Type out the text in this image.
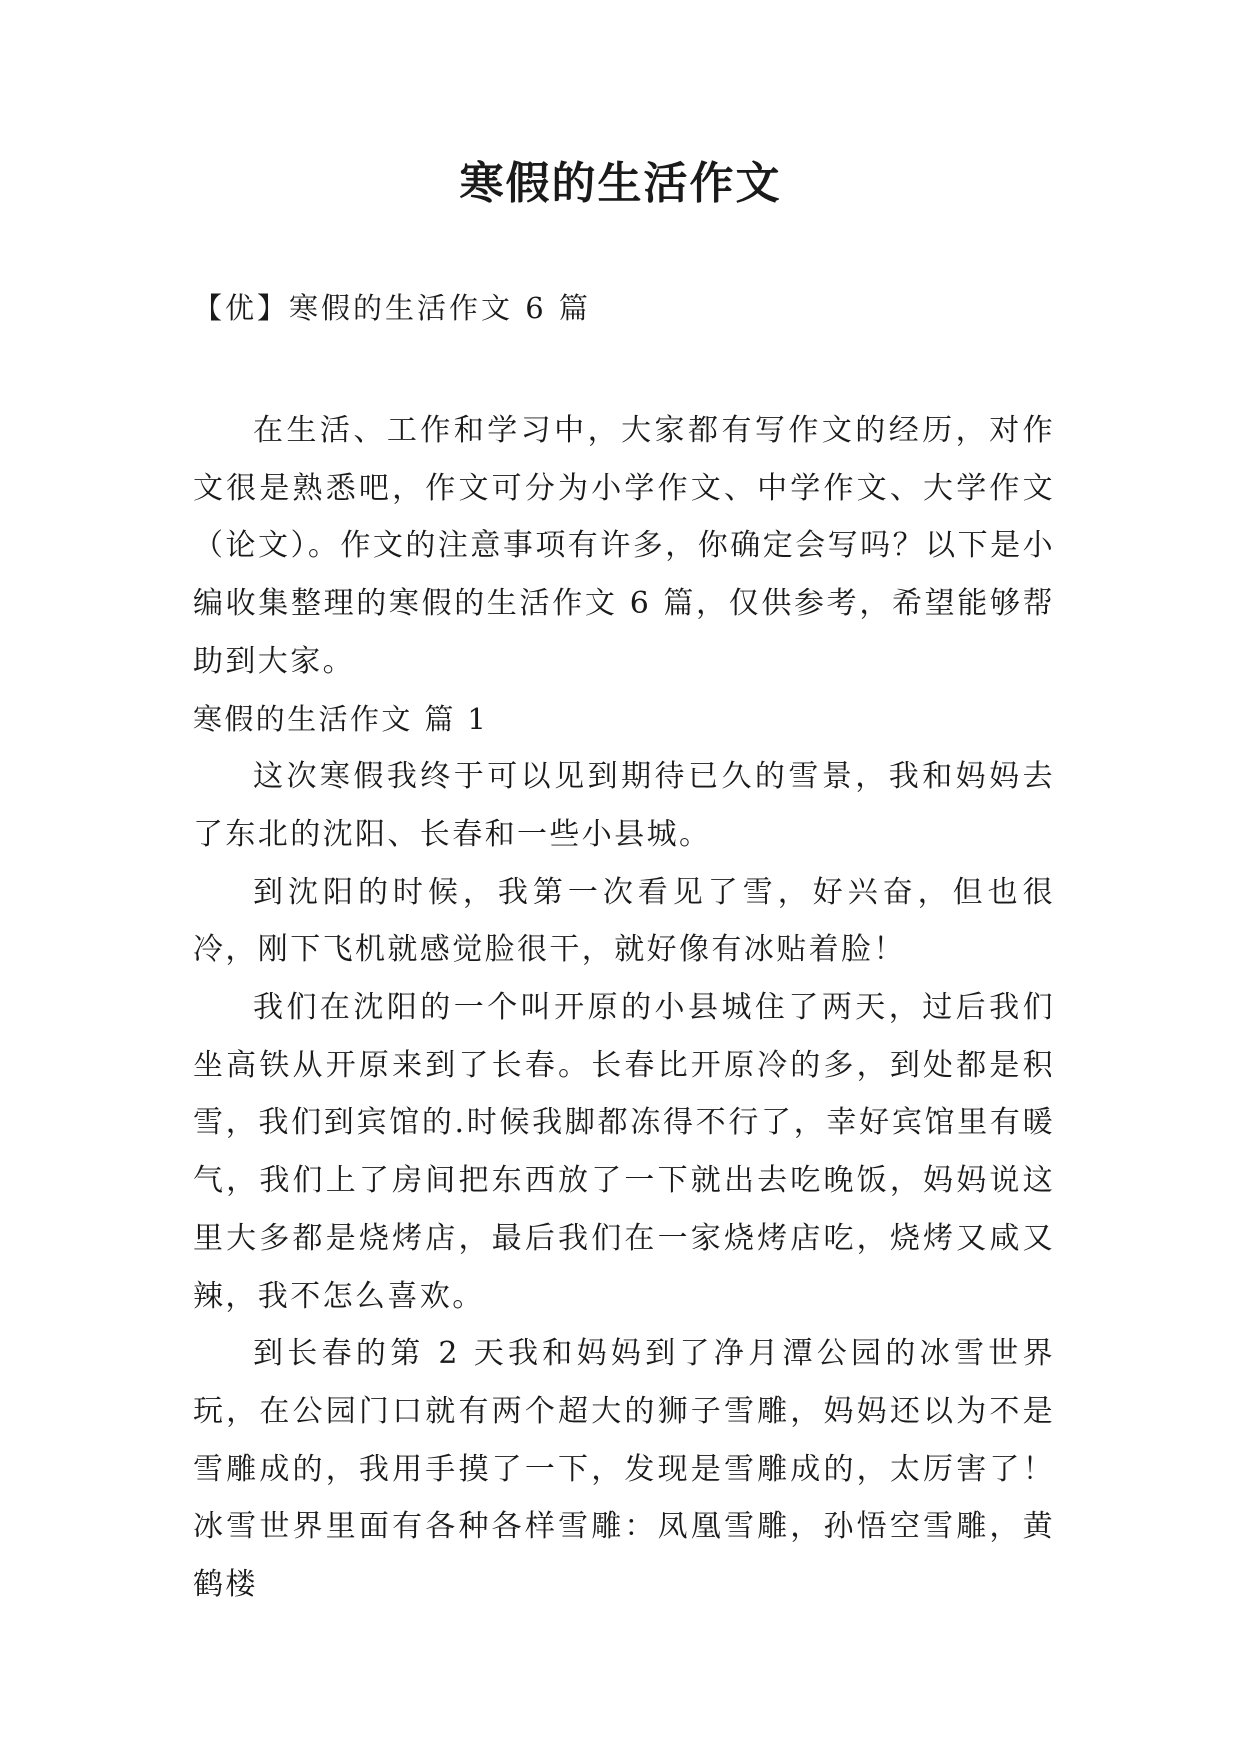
寒假的生活作文

【优】寒假的生活作文 6 篇

在生活、工作和学习中，大家都有写作文的经历，对作文很是熟悉吧，作文可分为小学作文、中学作文、大学作文（论文）。作文的注意事项有许多，你确定会写吗？以下是小编收集整理的寒假的生活作文 6 篇，仅供参考，希望能够帮助到大家。

寒假的生活作文 篇 1

这次寒假我终于可以见到期待已久的雪景，我和妈妈去了东北的沈阳、长春和一些小县城。

到沈阳的时候，我第一次看见了雪，好兴奋，但也很冷，刚下飞机就感觉脸很干，就好像有冰贴着脸！

我们在沈阳的一个叫开原的小县城住了两天，过后我们坐高铁从开原来到了长春。长春比开原冷的多，到处都是积雪，我们到宾馆的.时候我脚都冻得不行了，幸好宾馆里有暖气，我们上了房间把东西放了一下就出去吃晚饭，妈妈说这里大多都是烧烤店，最后我们在一家烧烤店吃，烧烤又咸又辣，我不怎么喜欢。

到长春的第 2 天我和妈妈到了净月潭公园的冰雪世界玩，在公园门口就有两个超大的狮子雪雕，妈妈还以为不是雪雕成的，我用手摸了一下，发现是雪雕成的，太厉害了！冰雪世界里面有各种各样雪雕：凤凰雪雕，孙悟空雪雕，黄鹤楼
